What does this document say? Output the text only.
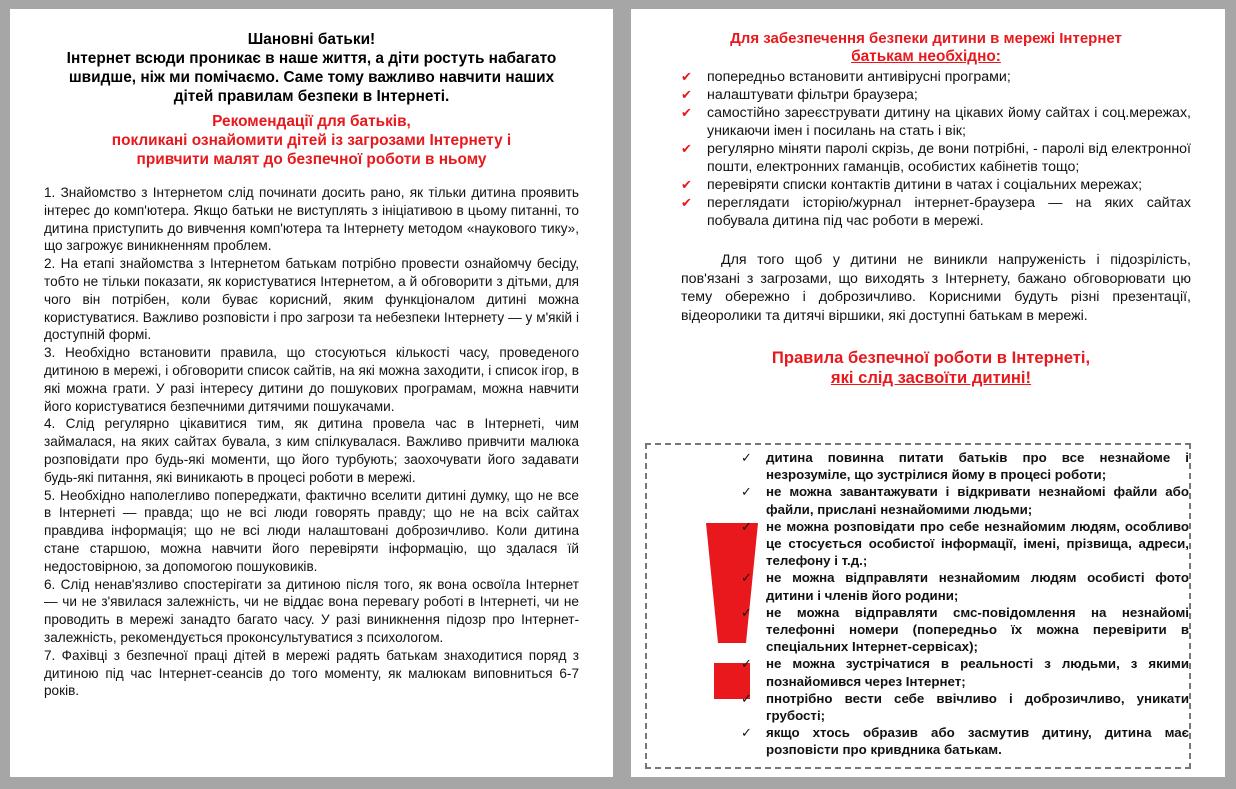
Шановні батьки!
Інтернет всюди проникає в наше життя, а діти ростуть набагато
швидше, ніж ми помічаємо. Саме тому важливо навчити наших
дітей правилам безпеки в Інтернеті.
Рекомендації для батьків,
покликані ознайомити дітей із загрозами Інтернету і
привчити малят до безпечної роботи в ньому

1. Знайомство з Інтернетом слід починати досить рано, як тільки дитина проявить інтерес до комп'ютера. Якщо батьки не виступлять з ініціативою в цьому питанні, то дитина приступить до вивчення комп'ютера та Інтернету методом «наукового тику», що загрожує виникненням проблем.

2. На етапі знайомства з Інтернетом батькам потрібно провести ознайомчу бесіду, тобто не тільки показати, як користуватися Інтернетом, а й обговорити з дітьми, для чого він потрібен, коли буває корисний, яким функціоналом дитині можна користуватися. Важливо розповісти і про загрози та небезпеки Інтернету — у м'якій і доступній формі.

3. Необхідно встановити правила, що стосуються кількості часу, проведеного дитиною в мережі, і обговорити список сайтів, на які можна заходити, і список ігор, в які можна грати. У разі інтересу дитини до пошукових програмам, можна навчити його користуватися безпечними дитячими пошукачами.

4. Слід регулярно цікавитися тим, як дитина провела час в Інтернеті, чим займалася, на яких сайтах бувала, з ким спілкувалася. Важливо привчити малюка розповідати про будь-які моменти, що його турбують; заохочувати його задавати будь-які питання, які виникають в процесі роботи в мережі.

5. Необхідно наполегливо попереджати, фактично вселити дитині думку, що не все в Інтернеті — правда; що не всі люди говорять правду; що не на всіх сайтах правдива інформація; що не всі люди налаштовані доброзичливо. Коли дитина стане старшою, можна навчити його перевіряти інформацію, що здалася їй недостовірною, за допомогою пошуковиків.

6. Слід ненав'язливо спостерігати за дитиною після того, як вона освоїла Інтернет — чи не з'явилася залежність, чи не віддає вона перевагу роботі в Інтернеті, чи не проводить в мережі занадто багато часу. У разі виникнення підозр про Інтернет-залежність, рекомендується проконсультуватися з психологом.

7. Фахівці з безпечної праці дітей в мережі радять батькам знаходитися поряд з дитиною під час Інтернет-сеансів до того моменту, як малюкам виповниться 6-7 років.

Для забезпечення безпеки дитини в мережі Інтернет
батькам необхідно:
✔ попередньо встановити антивірусні програми;
✔ налаштувати фільтри браузера;
✔ самостійно зареєструвати дитину на цікавих йому сайтах і соц.мережах, уникаючи імен і посилань на стать і вік;
✔ регулярно міняти паролі скрізь, де вони потрібні, - паролі від електронної пошти, електронних гаманців, особистих кабінетів тощо;
✔ перевіряти списки контактів дитини в чатах і соціальних мережах;
✔ переглядати історію/журнал інтернет-браузера — на яких сайтах побувала дитина під час роботи в мережі.

Для того щоб у дитини не виникли напруженість і підозрілість, пов'язані з загрозами, що виходять з Інтернету, бажано обговорювати цю тему обережно і доброзичливо. Корисними будуть різні презентації, відеоролики та дитячі віршики, які доступні батькам в мережі.

Правила безпечної роботи в Інтернеті,
які слід засвоїти дитині!
✓ дитина повинна питати батьків про все незнайоме і незрозуміле, що зустрілися йому в процесі роботи;
✓ не можна завантажувати і відкривати незнайомі файли або файли, прислані незнайомими людьми;
✓ не можна розповідати про себе незнайомим людям, особливо це стосується особистої інформації, імені, прізвища, адреси, телефону і т.д.;
✓ не можна відправляти незнайомим людям особисті фото дитини і членів його родини;
✓ не можна відправляти смс-повідомлення на незнайомі телефонні номери (попередньо їх можна перевірити в спеціальних Інтернет-сервісах);
✓ не можна зустрічатися в реальності з людьми, з якими познайомився через Інтернет;
✓ пнотрібно вести себе ввічливо і доброзичливо, уникати грубості;
✓ якщо хтось образив або засмутив дитину, дитина має розповісти про кривдника батькам.
